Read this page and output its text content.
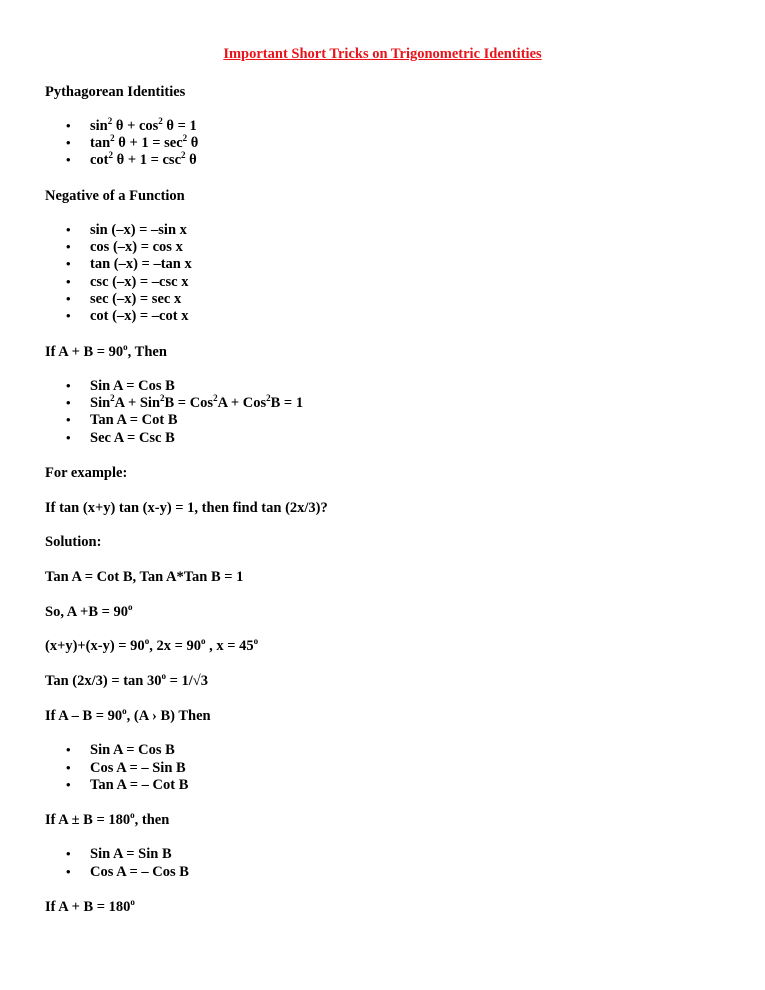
Important Short Tricks on Trigonometric Identities
Pythagorean Identities
• $\sin^2 \theta + \cos^2 \theta = 1$
• $\tan^2 \theta + 1 = \sec^2 \theta$
• $\cot^2 \theta + 1 = \csc^2 \theta$
Negative of a Function
• sin (–x) = –sin x
• cos (–x) = cos x
• tan (–x) = –tan x
• csc (–x) = –csc x
• sec (–x) = sec x
• cot (–x) = –cot x
If $A + B = 90^o$, Then
• Sin A = Cos B
• Sin$^2$A + Sin$^2$B = Cos$^2$A + Cos$^2$B = 1
• Tan A = Cot B
• Sec A = Csc B
For example:
If tan (x+y) tan (x-y) = 1, then find tan (2x/3)?
Solution:
Tan A = Cot B, Tan A*Tan B = 1
So, $A +B = 90^o$
$(x+y)+(x-y) = 90^o$, $2x = 90^o$ , $x = 45^o$
Tan $(2x/3) = \tan 30^o = 1/√3$
If $A - B = 90^o$, (A › B) Then
• Sin A = Cos B
• Cos A = – Sin B
• Tan A = – Cot B
If $A \pm B = 180^o$, then
• Sin A = Sin B
• Cos A = – Cos B
If $A + B = 180^o$
